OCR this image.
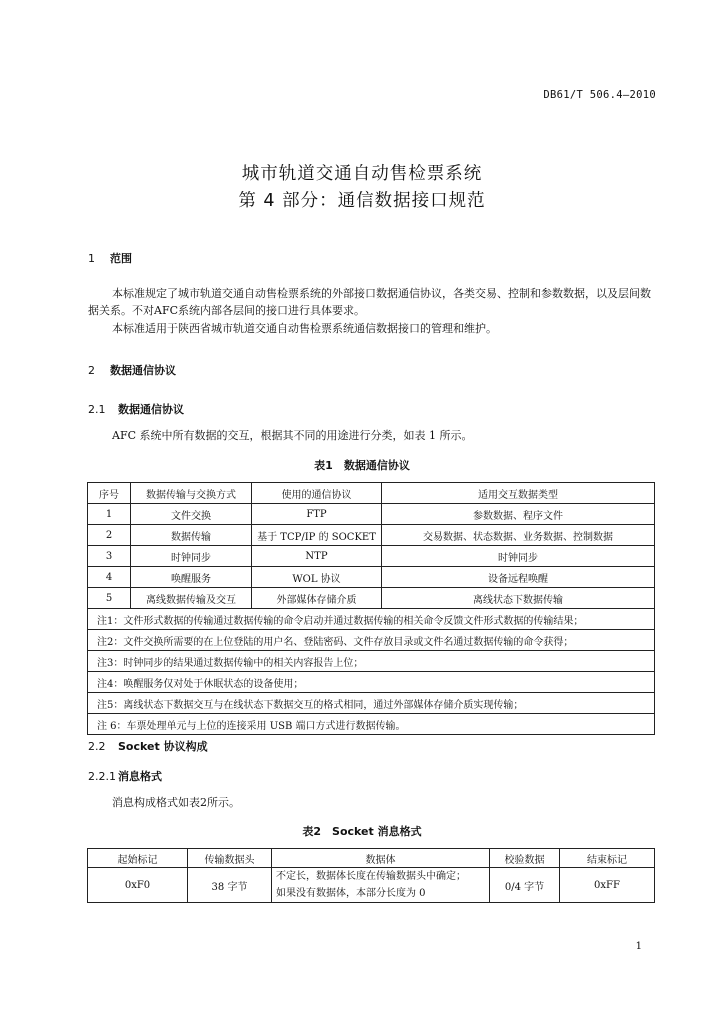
DB61/T 506.4—2010
城市轨道交通自动售检票系统
第 4 部分：通信数据接口规范
1 范围
本标准规定了城市轨道交通自动售检票系统的外部接口数据通信协议，各类交易、控制和参数数据，以及层间数据关系。不对AFC系统内部各层间的接口进行具体要求。
本标准适用于陕西省城市轨道交通自动售检票系统通信数据接口的管理和维护。
2 数据通信协议
2.1 数据通信协议
AFC 系统中所有数据的交互，根据其不同的用途进行分类，如表 1 所示。
表1　数据通信协议
序号	数据传输与交换方式	使用的通信协议	适用交互数据类型
1	文件交换	FTP	参数数据、程序文件
2	数据传输	基于 TCP/IP 的 SOCKET	交易数据、状态数据、业务数据、控制数据
3	时钟同步	NTP	时钟同步
4	唤醒服务	WOL 协议	设备远程唤醒
5	离线数据传输及交互	外部媒体存储介质	离线状态下数据传输
注1：文件形式数据的传输通过数据传输的命令启动并通过数据传输的相关命令反馈文件形式数据的传输结果；			
注2：文件交换所需要的在上位登陆的用户名、登陆密码、文件存放目录或文件名通过数据传输的命令获得；			
注3：时钟同步的结果通过数据传输中的相关内容报告上位；			
注4：唤醒服务仅对处于休眠状态的设备使用；			
注5：离线状态下数据交互与在线状态下数据交互的格式相同，通过外部媒体存储介质实现传输；			
注 6：车票处理单元与上位的连接采用 USB 端口方式进行数据传输。			
2.2 Socket 协议构成
2.2.1 消息格式
消息构成格式如表2所示。
表2　Socket 消息格式
起始标记	传输数据头	数据体	校验数据	结束标记
0xF0	38 字节	不定长，数据体长度在传输数据头中确定；
如果没有数据体，本部分长度为 0	0/4 字节	0xFF
1
